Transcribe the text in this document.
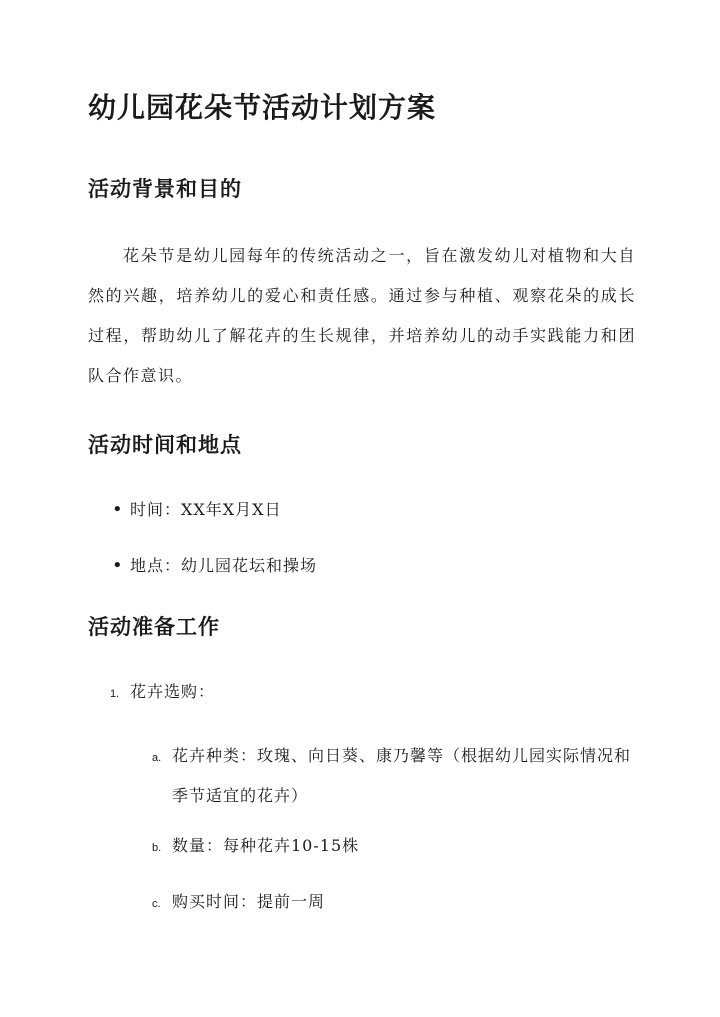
幼儿园花朵节活动计划方案
活动背景和目的

花朵节是幼儿园每年的传统活动之一，旨在激发幼儿对植物和大自然的兴趣，培养幼儿的爱心和责任感。通过参与种植、观察花朵的成长过程，帮助幼儿了解花卉的生长规律，并培养幼儿的动手实践能力和团队合作意识。

活动时间和地点
• 时间：XX年X月X日
• 地点：幼儿园花坛和操场
活动准备工作
1. 花卉选购：
a. 花卉种类：玫瑰、向日葵、康乃馨等（根据幼儿园实际情况和季节适宜的花卉）
b. 数量：每种花卉10-15株
c. 购买时间：提前一周
